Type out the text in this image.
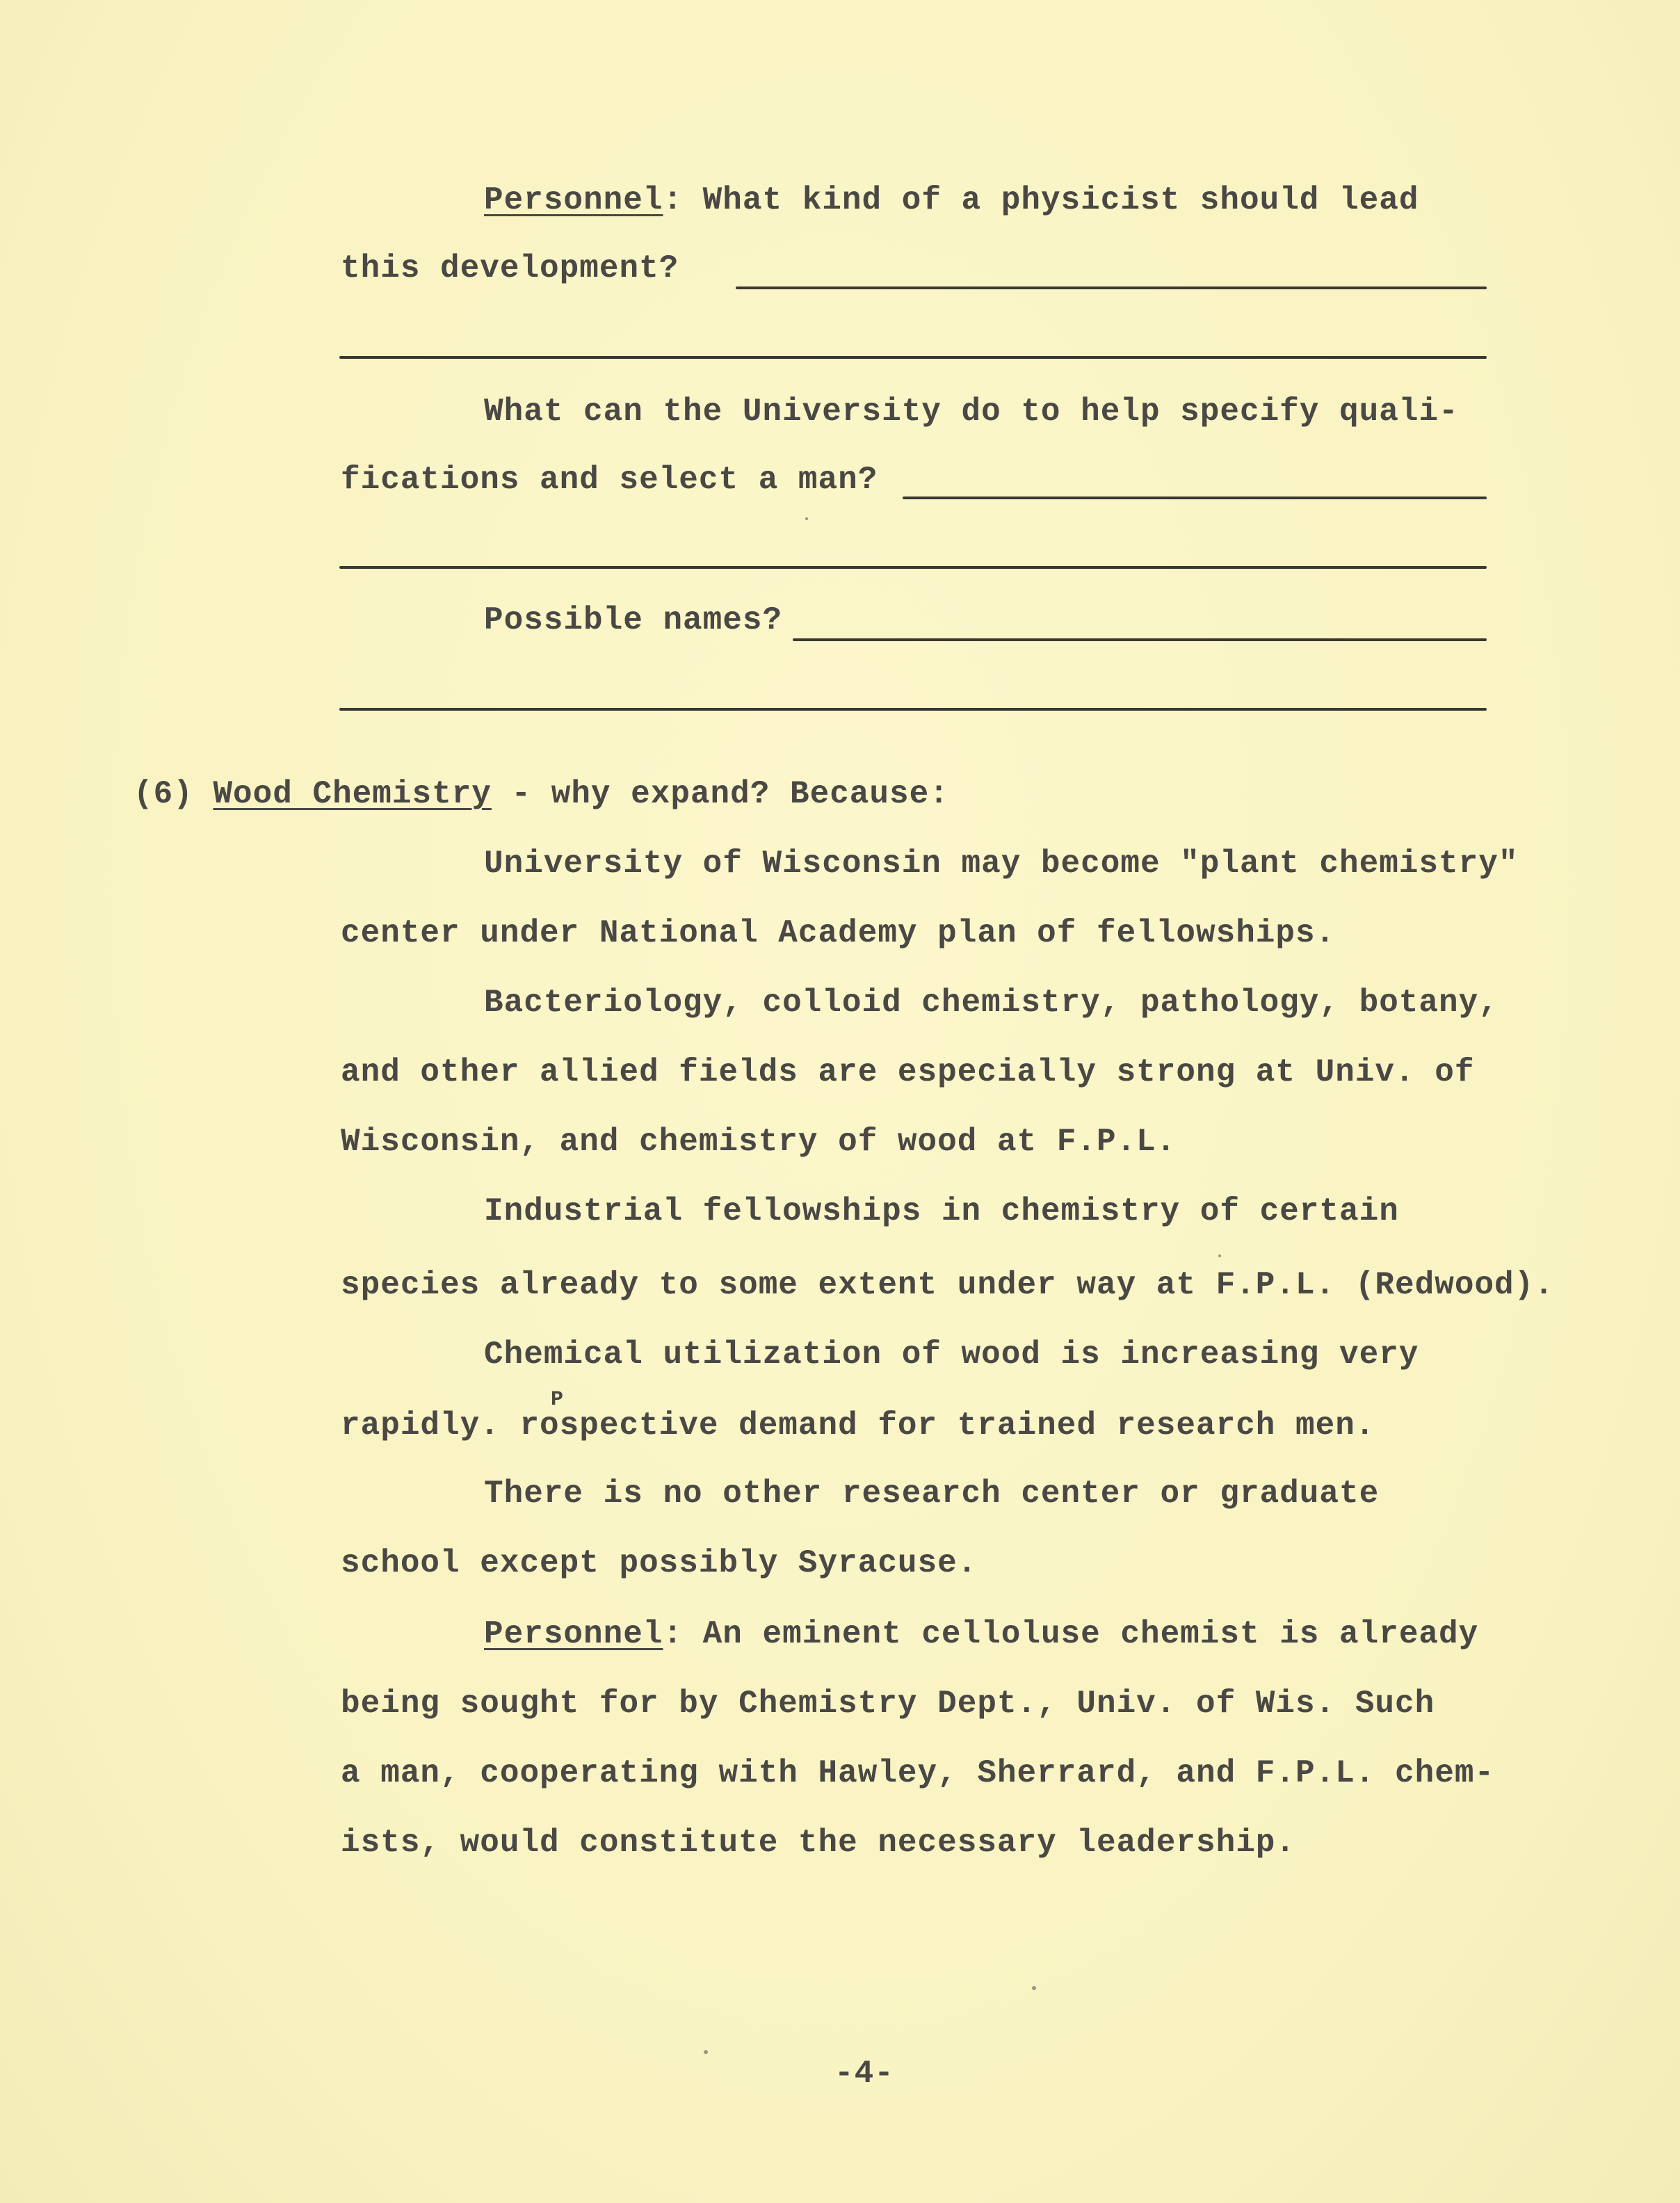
Personnel: What kind of a physicist should lead
this development?
What can the University do to help specify quali-
fications and select a man?
Possible names?
(6) Wood Chemistry - why expand? Because:
University of Wisconsin may become "plant chemistry"
center under National Academy plan of fellowships.
Bacteriology, colloid chemistry, pathology, botany,
and other allied fields are especially strong at Univ. of
Wisconsin, and chemistry of wood at F.P.L.
Industrial fellowships in chemistry of certain
species already to some extent under way at F.P.L. (Redwood).
Chemical utilization of wood is increasing very
P
rapidly. rospective demand for trained research men.
There is no other research center or graduate
school except possibly Syracuse.
Personnel: An eminent celloluse chemist is already
being sought for by Chemistry Dept., Univ. of Wis. Such
a man, cooperating with Hawley, Sherrard, and F.P.L. chem-
ists, would constitute the necessary leadership.
-4-
